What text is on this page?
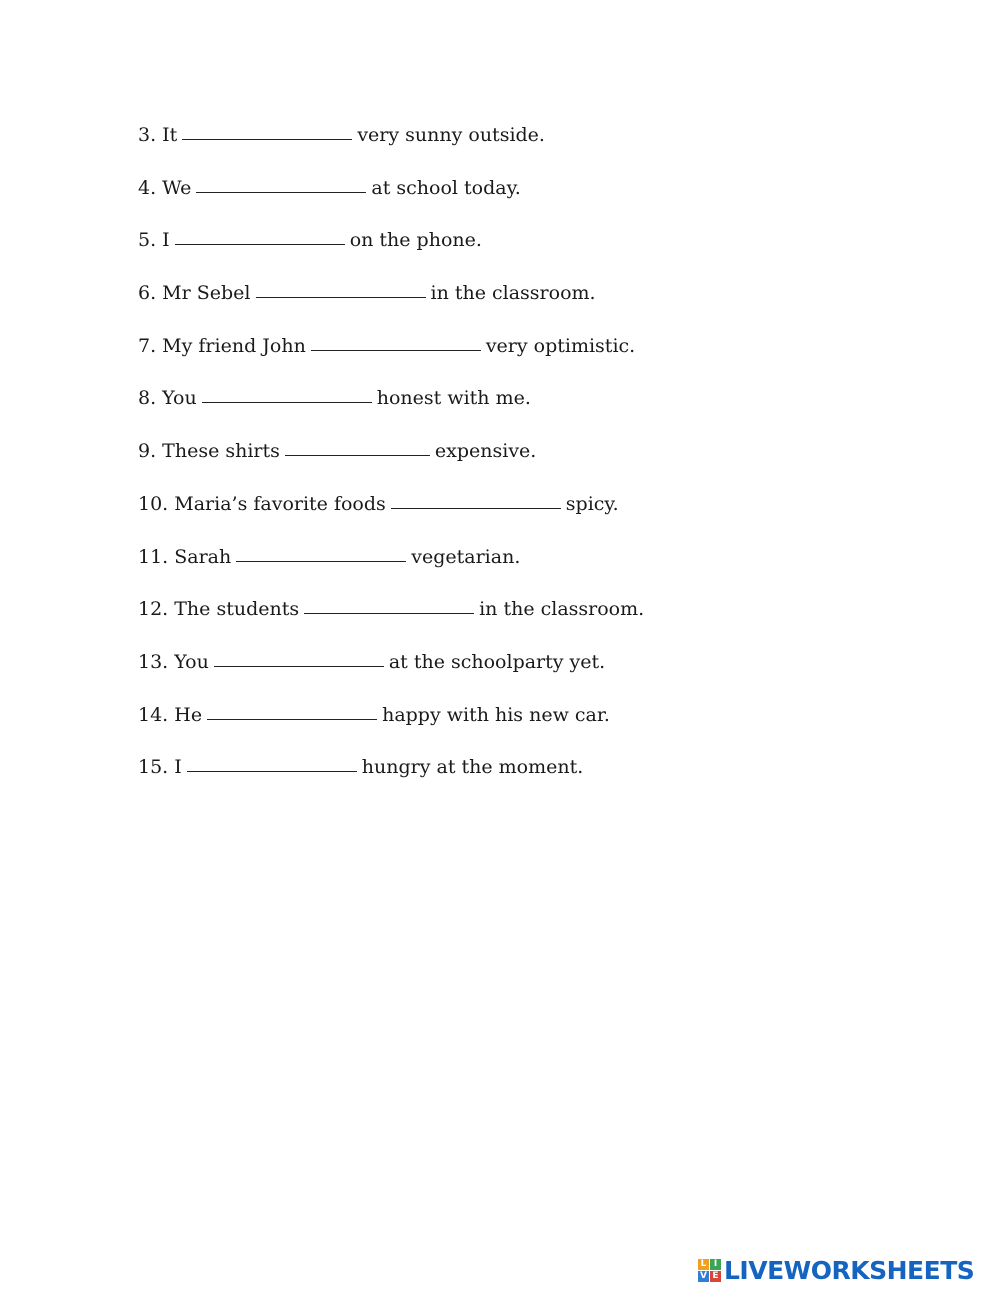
3. It	very sunny outside.
4. We	at school today.
5. I	on the phone.
6. Mr Sebel	in the classroom.
7. My friend John	very optimistic.
8. You	honest with me.
9. These shirts	expensive.
10. Maria’s favorite foods	spicy.
11. Sarah	vegetarian.
12. The students	in the classroom.
13. You	at the schoolparty yet.
14. He	happy with his new car.
15. I	hungry at the moment.
L I
V E LIVEWORKSHEETS
